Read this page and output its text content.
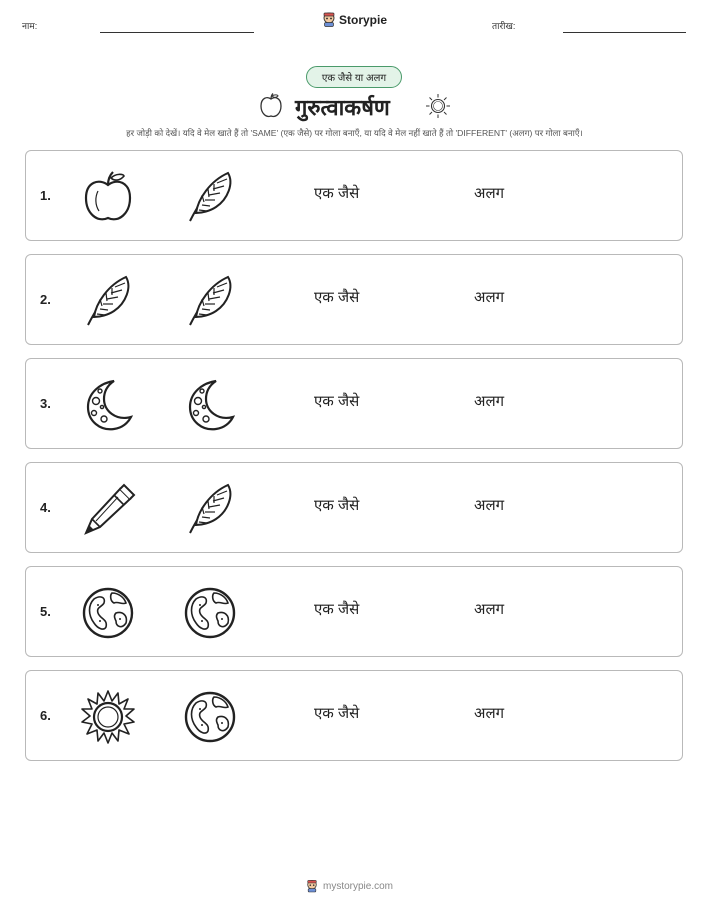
नाम:	Storypie	तारीख:
एक जैसे या अलग
गुरुत्वाकर्षण
हर जोड़ी को देखें। यदि वे मेल खाते हैं तो 'SAME' (एक जैसे) पर गोला बनाएँ, या यदि वे मेल नहीं खाते हैं तो 'DIFFERENT' (अलग) पर गोला बनाएँ।
1.	एक जैसे	अलग
2.	एक जैसे	अलग
3.	एक जैसे	अलग
4.	एक जैसे	अलग
5.	एक जैसे	अलग
6.	एक जैसे	अलग
mystorypie.com
